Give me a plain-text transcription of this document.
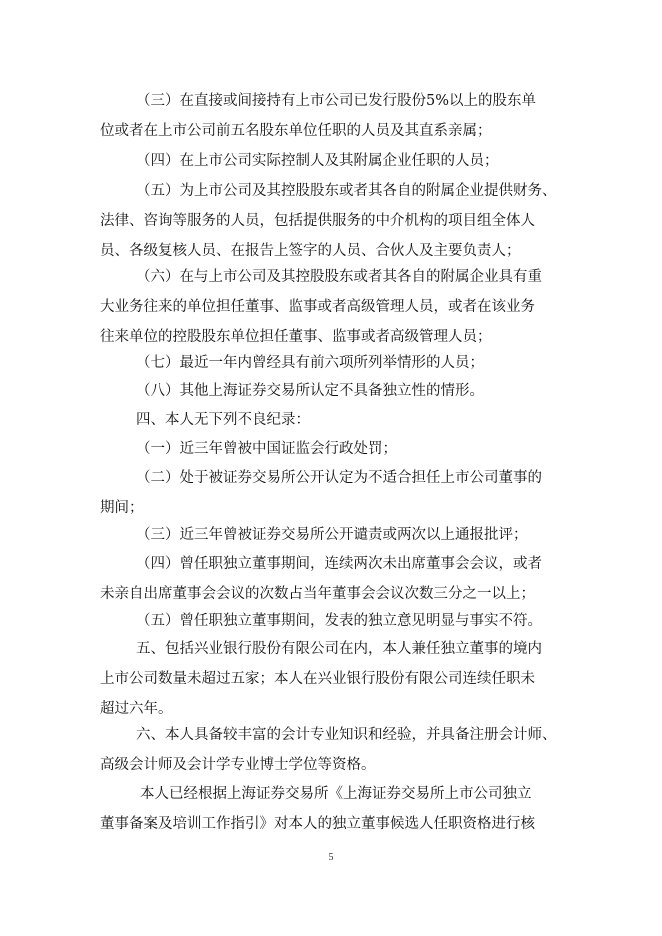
（三）在直接或间接持有上市公司已发行股份5%以上的股东单
位或者在上市公司前五名股东单位任职的人员及其直系亲属；

（四）在上市公司实际控制人及其附属企业任职的人员；

（五）为上市公司及其控股股东或者其各自的附属企业提供财务、
法律、咨询等服务的人员，包括提供服务的中介机构的项目组全体人
员、各级复核人员、在报告上签字的人员、合伙人及主要负责人；

（六）在与上市公司及其控股股东或者其各自的附属企业具有重
大业务往来的单位担任董事、监事或者高级管理人员，或者在该业务
往来单位的控股股东单位担任董事、监事或者高级管理人员；

（七）最近一年内曾经具有前六项所列举情形的人员；

（八）其他上海证券交易所认定不具备独立性的情形。

四、本人无下列不良纪录：

（一）近三年曾被中国证监会行政处罚；

（二）处于被证券交易所公开认定为不适合担任上市公司董事的
期间；

（三）近三年曾被证券交易所公开谴责或两次以上通报批评；

（四）曾任职独立董事期间，连续两次未出席董事会会议，或者
未亲自出席董事会会议的次数占当年董事会会议次数三分之一以上；

（五）曾任职独立董事期间，发表的独立意见明显与事实不符。

五、包括兴业银行股份有限公司在内，本人兼任独立董事的境内
上市公司数量未超过五家；本人在兴业银行股份有限公司连续任职未
超过六年。

六、本人具备较丰富的会计专业知识和经验，并具备注册会计师、
高级会计师及会计学专业博士学位等资格。

本人已经根据上海证券交易所《上海证券交易所上市公司独立
董事备案及培训工作指引》对本人的独立董事候选人任职资格进行核

5
